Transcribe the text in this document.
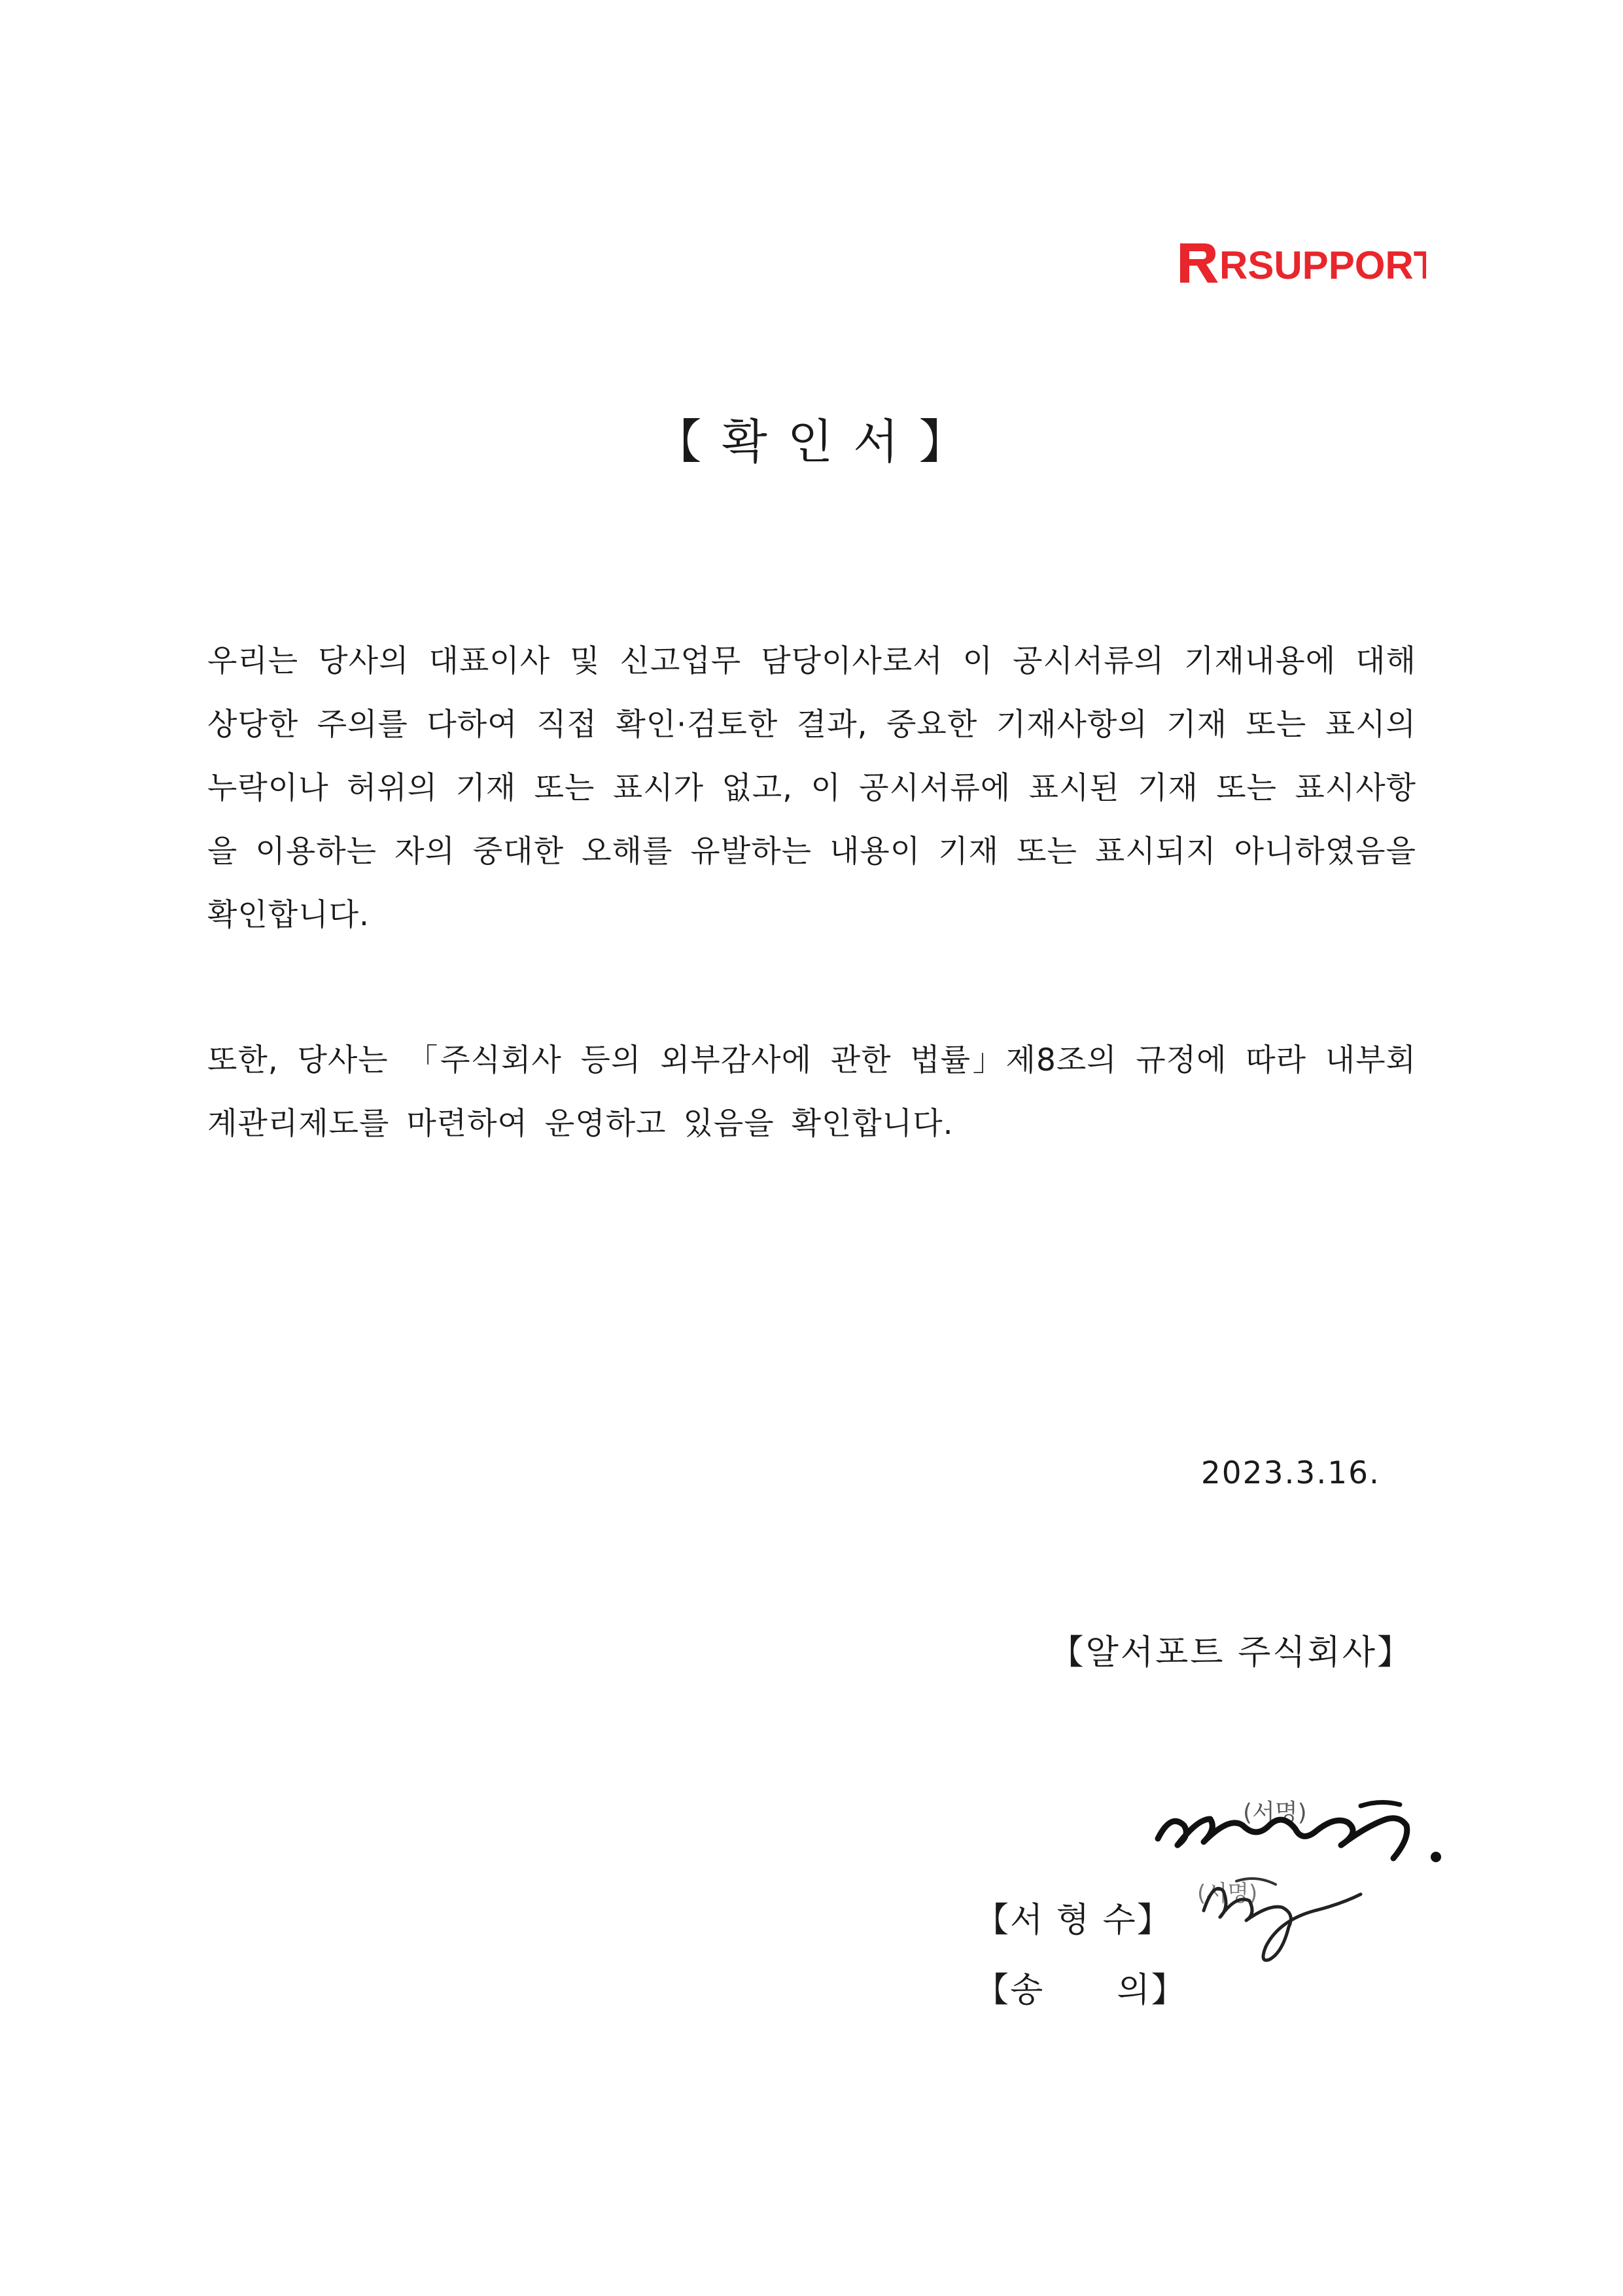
RSUPPORT
【 확 인 서 】
우리는 당사의 대표이사 및 신고업무 담당이사로서 이 공시서류의 기재내용에 대해 상당한 주의를 다하여 직접 확인·검토한 결과, 중요한 기재사항의 기재 또는 표시의 누락이나 허위의 기재 또는 표시가 없고, 이 공시서류에 표시된 기재 또는 표시사항을 이용하는 자의 중대한 오해를 유발하는 내용이 기재 또는 표시되지 아니하였음을 확인합니다.
또한, 당사는 「주식회사 등의 외부감사에 관한 법률」제8조의 규정에 따라 내부회계관리제도를 마련하여 운영하고 있음을 확인합니다.
2023.3.16.
【알서포트 주식회사】

【서 형 수】

【송      의】

(서명)
(서명)
